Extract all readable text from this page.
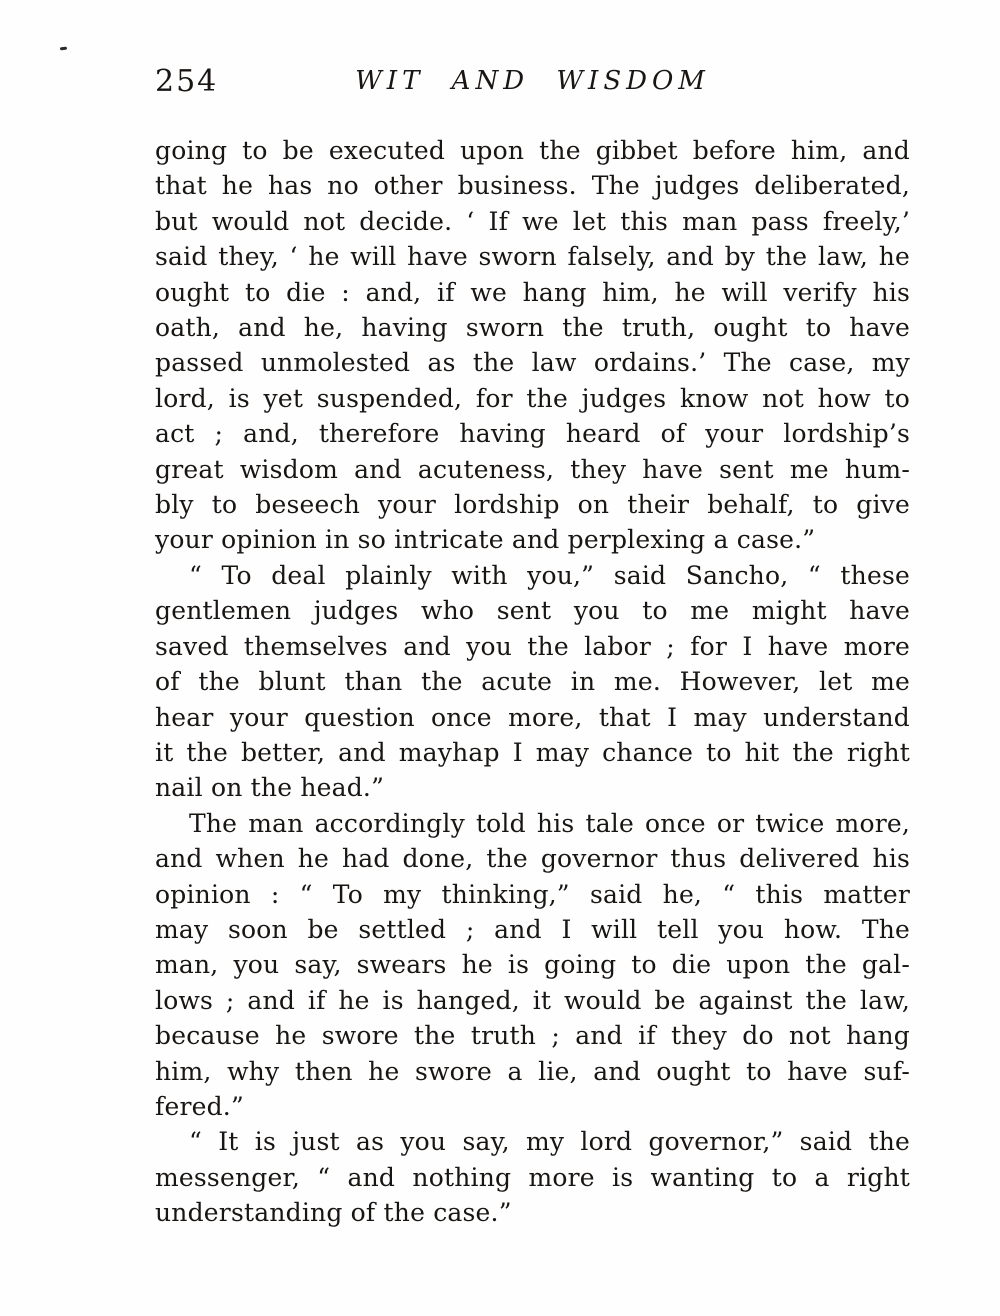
254	WIT AND WISDOM
going to be executed upon the gibbet before him, and
that he has no other business. The judges deliberated,
but would not decide. ‘ If we let this man pass freely,’
said they, ‘ he will have sworn falsely, and by the law, he
ought to die : and, if we hang him, he will verify his
oath, and he, having sworn the truth, ought to have
passed unmolested as the law ordains.’ The case, my
lord, is yet suspended, for the judges know not how to
act ; and, therefore having heard of your lordship’s
great wisdom and acuteness, they have sent me hum-
bly to beseech your lordship on their behalf, to give
your opinion in so intricate and perplexing a case.”
“ To deal plainly with you,” said Sancho, “ these
gentlemen judges who sent you to me might have
saved themselves and you the labor ; for I have more
of the blunt than the acute in me. However, let me
hear your question once more, that I may understand
it the better, and mayhap I may chance to hit the right
nail on the head.”
The man accordingly told his tale once or twice more,
and when he had done, the governor thus delivered his
opinion : “ To my thinking,” said he, “ this matter
may soon be settled ; and I will tell you how. The
man, you say, swears he is going to die upon the gal-
lows ; and if he is hanged, it would be against the law,
because he swore the truth ; and if they do not hang
him, why then he swore a lie, and ought to have suf-
fered.”
“ It is just as you say, my lord governor,” said the
messenger, “ and nothing more is wanting to a right
understanding of the case.”
